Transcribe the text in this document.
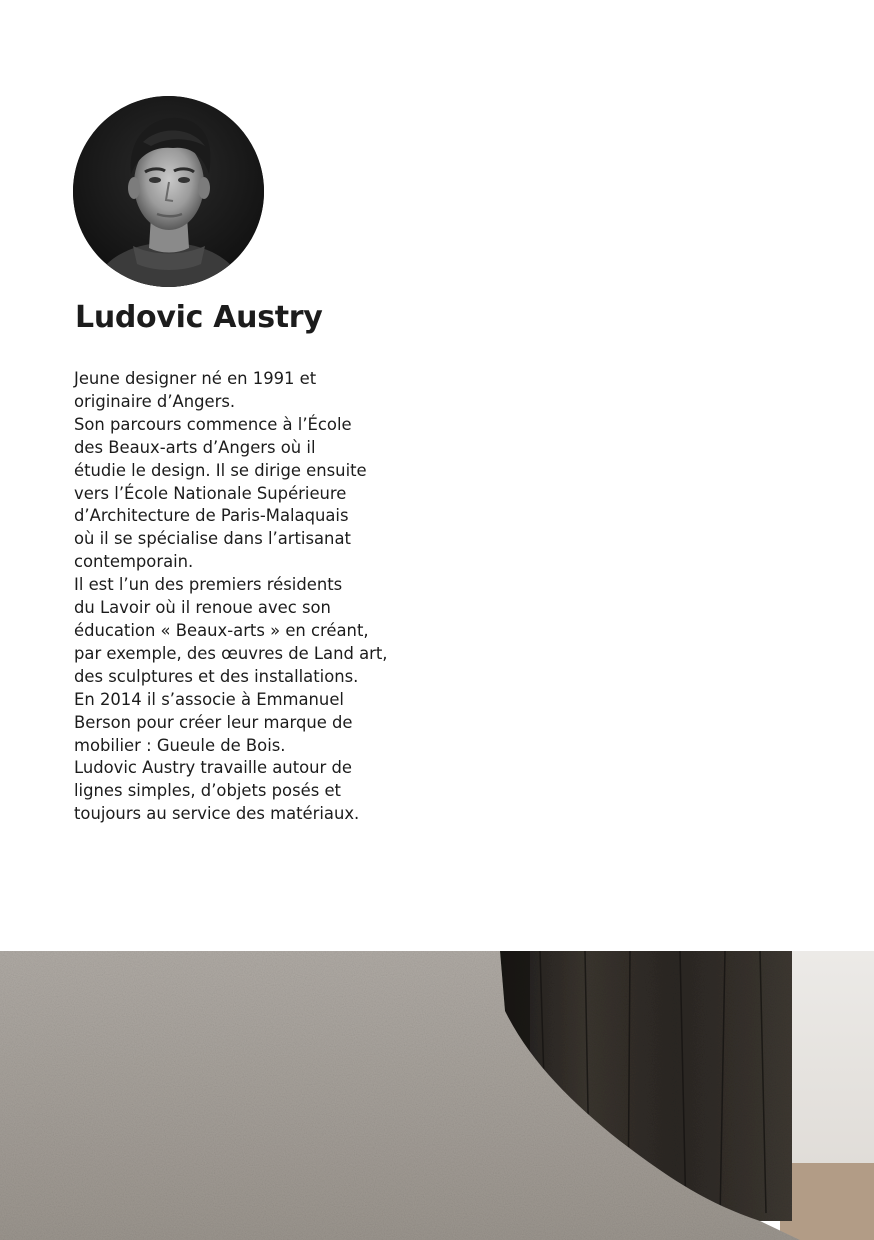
Ludovic Austry
Jeune designer né en 1991 et
originaire d’Angers.
Son parcours commence à l’École
des Beaux-arts d’Angers où il
étudie le design. Il se dirige ensuite
vers l’École Nationale Supérieure
d’Architecture de Paris-Malaquais
où il se spécialise dans l’artisanat
contemporain.
Il est l’un des premiers résidents
du Lavoir où il renoue avec son
éducation « Beaux-arts » en créant,
par exemple, des œuvres de Land art,
des sculptures et des installations.
En 2014 il s’associe à Emmanuel
Berson pour créer leur marque de
mobilier : Gueule de Bois.
Ludovic Austry travaille autour de
lignes simples, d’objets posés et
toujours au service des matériaux.
